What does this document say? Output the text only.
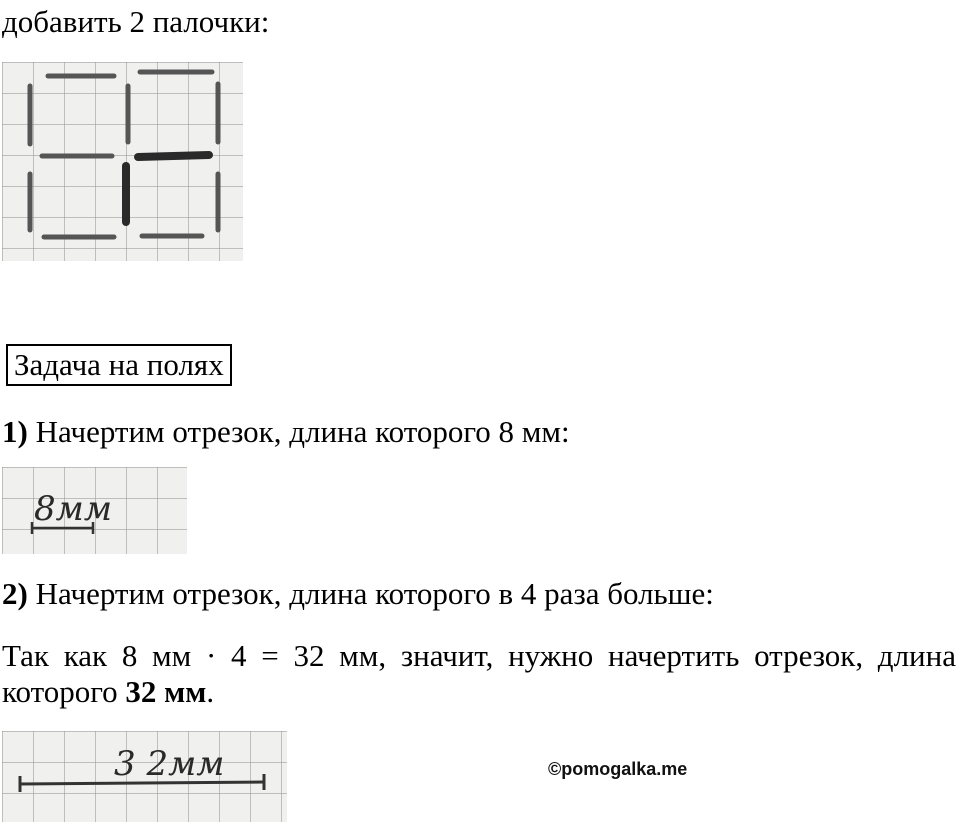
добавить 2 палочки:
Задача на полях
1) Начертим отрезок, длина которого 8 мм:
8мм
2) Начертим отрезок, длина которого в 4 раза больше:
Так как 8 мм · 4 = 32 мм, значит, нужно начертить отрезок, длина которого 32 мм.
3 2мм	©pomogalka.me
